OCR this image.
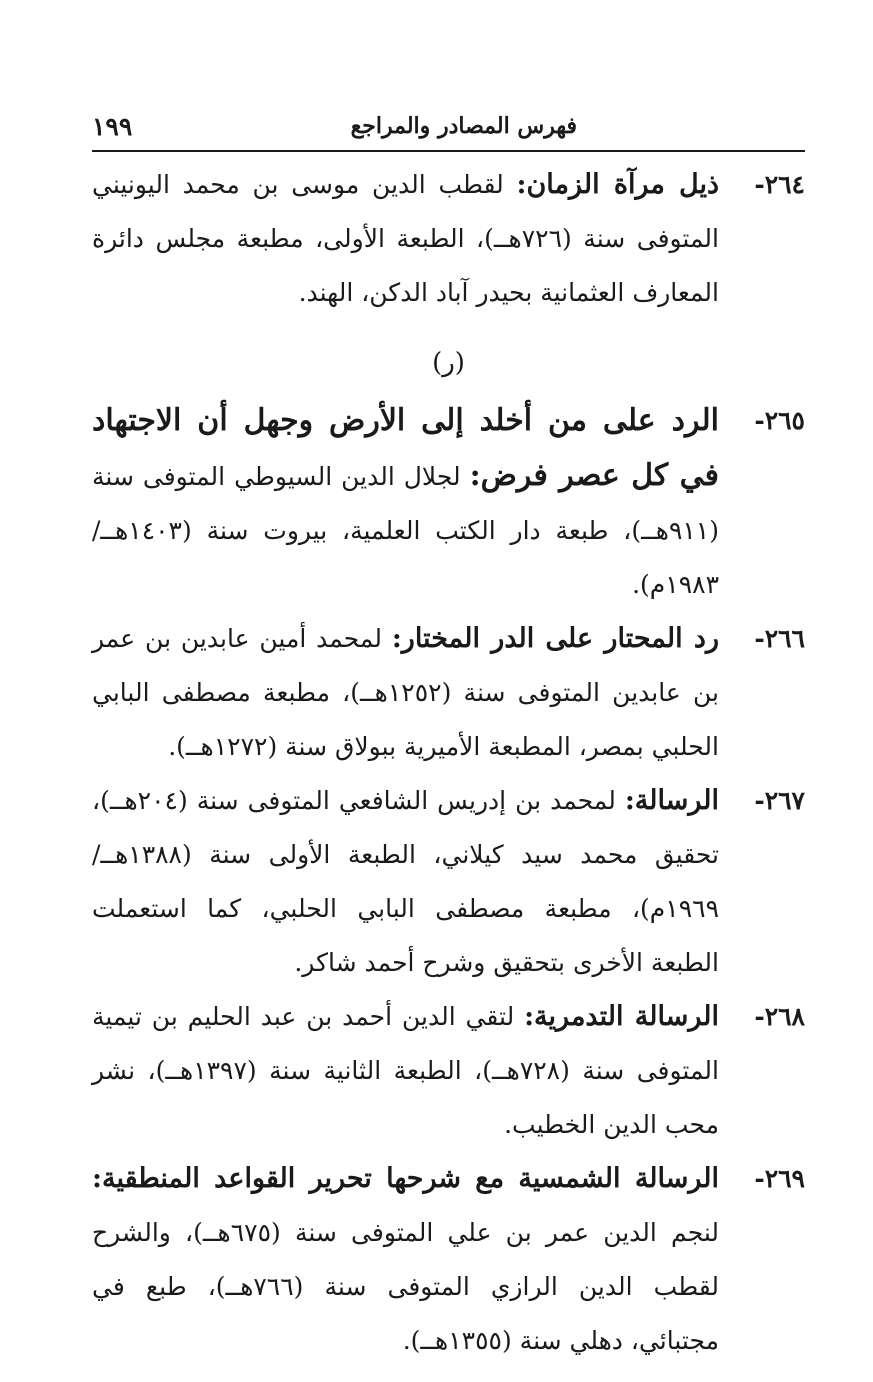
فهرس المصادر والمراجع
١٩٩
٢٦٤-
ذيل مرآة الزمان: لقطب الدين موسى بن محمد اليونيني المتوفى سنة (٧٢٦هــ)، الطبعة الأولى، مطبعة مجلس دائرة المعارف العثمانية بحيدر آباد الدكن، الهند.
(ر)
٢٦٥-
الرد على من أخلد إلى الأرض وجهل أن الاجتهاد في كل عصر فرض: لجلال الدين السيوطي المتوفى سنة (٩١١هــ)، طبعة دار الكتب العلمية، بيروت سنة (١٤٠٣هــ/١٩٨٣م).
٢٦٦-
رد المحتار على الدر المختار: لمحمد أمين عابدين بن عمر بن عابدين المتوفى سنة (١٢٥٢هــ)، مطبعة مصطفى البابي الحلبي بمصر، المطبعة الأميرية ببولاق سنة (١٢٧٢هــ).
٢٦٧-
الرسالة: لمحمد بن إدريس الشافعي المتوفى سنة (٢٠٤هــ)، تحقيق محمد سيد كيلاني، الطبعة الأولى سنة (١٣٨٨هــ/١٩٦٩م)، مطبعة مصطفى البابي الحلبي، كما استعملت الطبعة الأخرى بتحقيق وشرح أحمد شاكر.
٢٦٨-
الرسالة التدمرية: لتقي الدين أحمد بن عبد الحليم بن تيمية المتوفى سنة (٧٢٨هــ)، الطبعة الثانية سنة (١٣٩٧هــ)، نشر محب الدين الخطيب.
٢٦٩-
الرسالة الشمسية مع شرحها تحرير القواعد المنطقية: لنجم الدين عمر بن علي المتوفى سنة (٦٧٥هــ)، والشرح لقطب الدين الرازي المتوفى سنة (٧٦٦هــ)، طبع في مجتبائي، دهلي سنة (١٣٥٥هــ).
